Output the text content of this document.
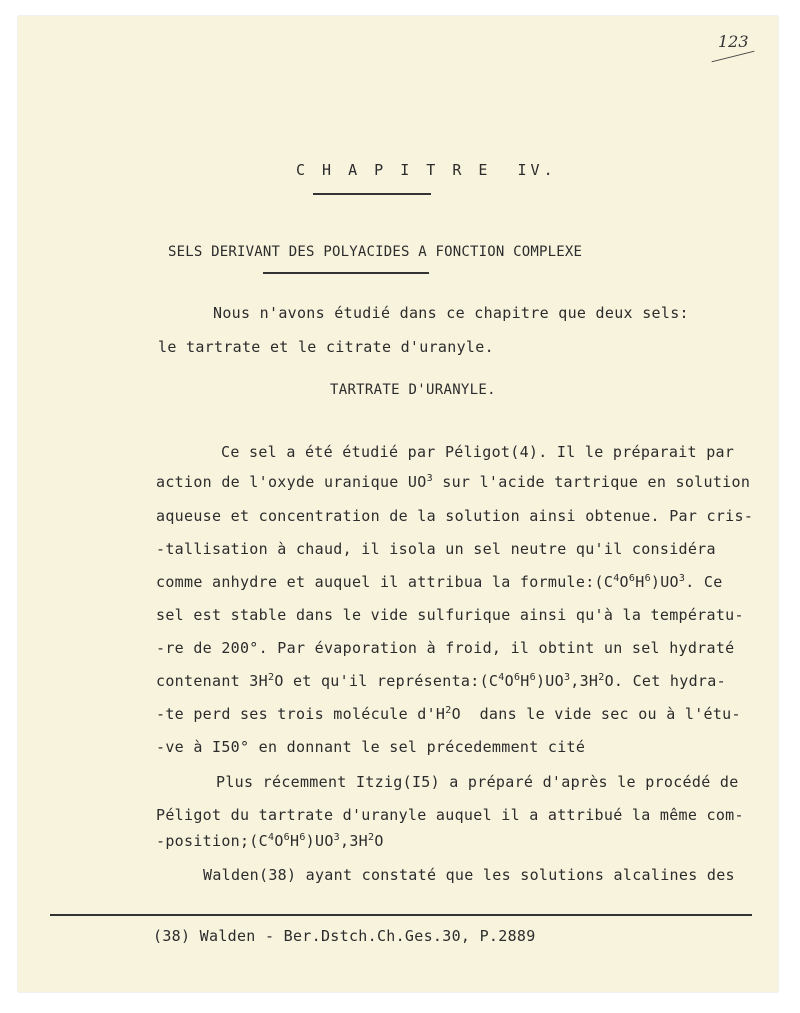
123
C H A P I T R E  IV.
SELS DERIVANT DES POLYACIDES A FONCTION COMPLEXE
Nous n'avons étudié dans ce chapitre que deux sels:
le tartrate et le citrate d'uranyle.
TARTRATE D'URANYLE.
Ce sel a été étudié par Péligot(4). Il le préparait par
action de l'oxyde uranique $UO^3$ sur l'acide tartrique en solution
aqueuse et concentration de la solution ainsi obtenue. Par cris-
-tallisation à chaud, il isola un sel neutre qu'il considéra
comme anhydre et auquel il attribua la $formule:(C^4O^6H^6)UO^3$. Ce
sel est stable dans le vide sulfurique ainsi qu'à la températu-
-re de 200°. Par évaporation à froid, il obtint un sel hydraté
contenant $3H^2O$ et qu'il $représenta:(C^4O^6H^6)UO^3,3H^2O$. Cet hydra-
-te perd ses trois molécule $d'H^2O$  dans le vide sec ou à l'étu-
-ve à I50° en donnant le sel précedemment cité
Plus récemment Itzig(I5) a préparé d'après le procédé de
Péligot du tartrate d'uranyle auquel il a attribué la même com-
$-position;(C^4O^6H^6)UO^3,3H^2O$
Walden(38) ayant constaté que les solutions alcalines des
(38) Walden - Ber.Dstch.Ch.Ges.30, P.2889
